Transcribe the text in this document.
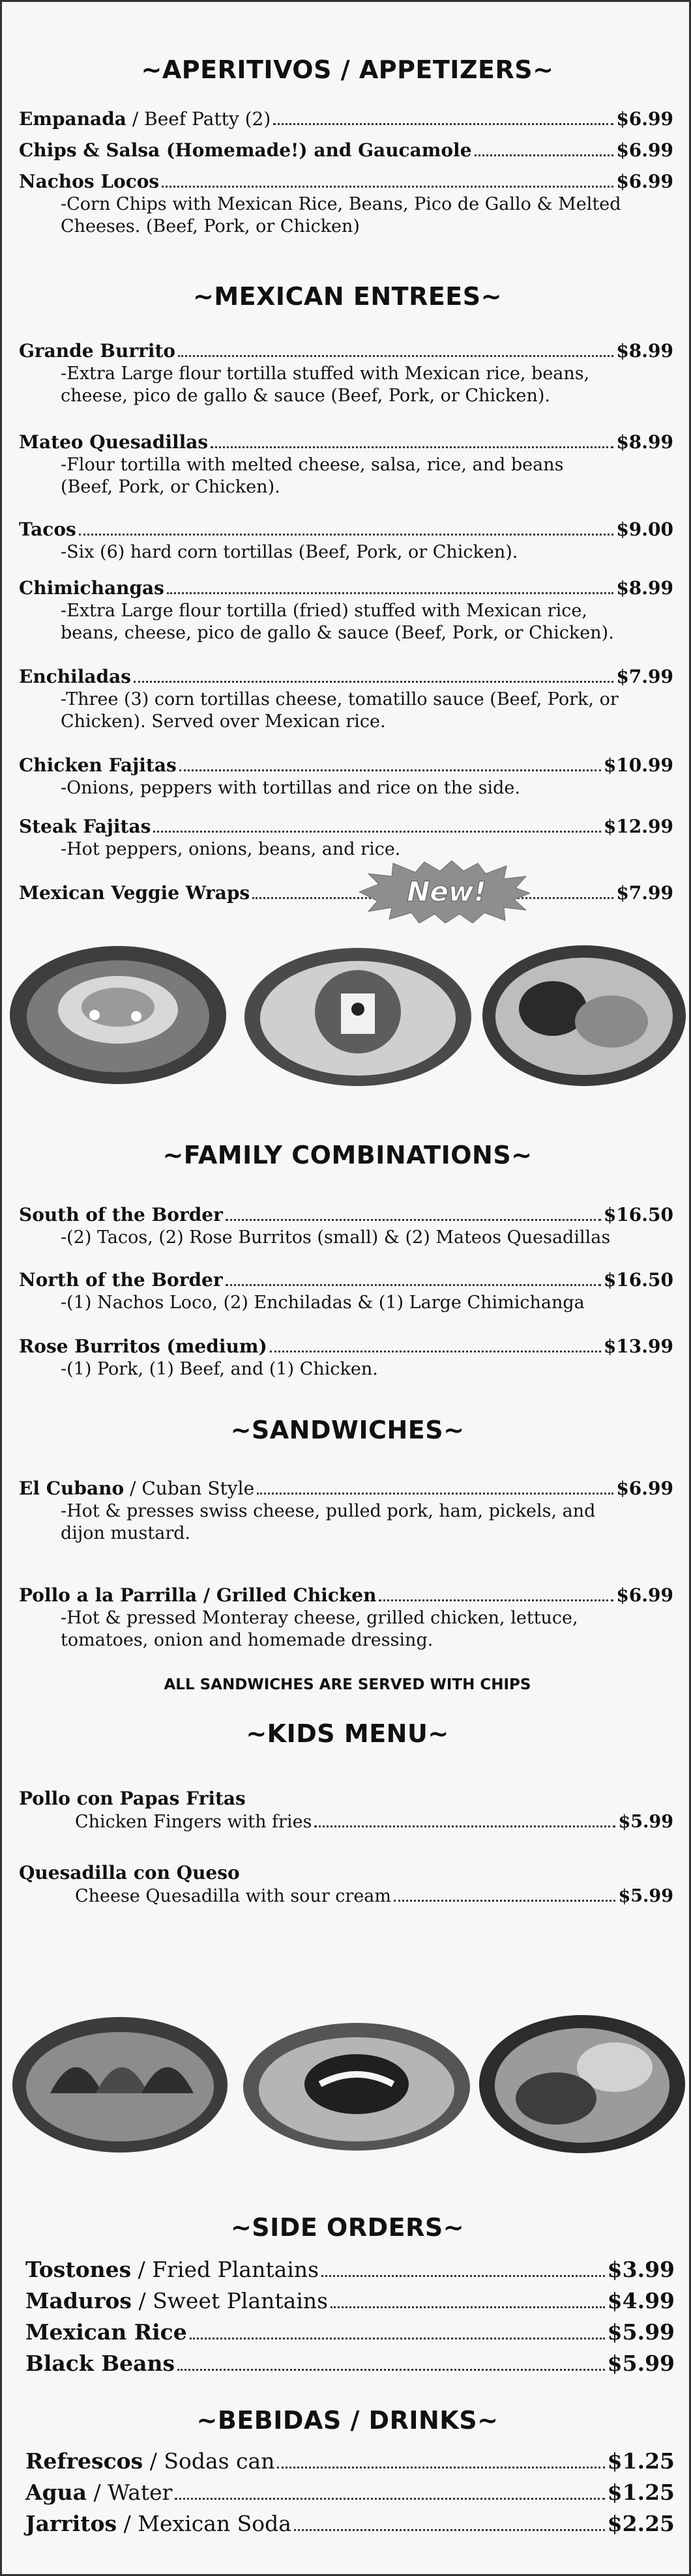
~APERITIVOS / APPETIZERS~
Empanada / Beef Patty (2)	$6.99
Chips & Salsa (Homemade!) and Gaucamole	$6.99
Nachos Locos	$6.99
-Corn Chips with Mexican Rice, Beans, Pico de Gallo & Melted Cheeses. (Beef, Pork, or Chicken)
~MEXICAN ENTREES~
Grande Burrito	$8.99
-Extra Large flour tortilla stuffed with Mexican rice, beans, cheese, pico de gallo & sauce (Beef, Pork, or Chicken).
Mateo Quesadillas	$8.99
-Flour tortilla with melted cheese, salsa, rice, and beans (Beef, Pork, or Chicken).
Tacos	$9.00
-Six (6) hard corn tortillas (Beef, Pork, or Chicken).
Chimichangas	$8.99
-Extra Large flour tortilla (fried) stuffed with Mexican rice, beans, cheese, pico de gallo & sauce (Beef, Pork, or Chicken).
Enchiladas	$7.99
-Three (3) corn tortillas cheese, tomatillo sauce (Beef, Pork, or Chicken). Served over Mexican rice.
Chicken Fajitas	$10.99
-Onions, peppers with tortillas and rice on the side.
Steak Fajitas	$12.99
-Hot peppers, onions, beans, and rice.
Mexican Veggie Wraps	$7.99
New!
~FAMILY COMBINATIONS~
South of the Border	$16.50
-(2) Tacos, (2) Rose Burritos (small) & (2) Mateos Quesadillas
North of the Border	$16.50
-(1) Nachos Loco, (2) Enchiladas & (1) Large Chimichanga
Rose Burritos (medium)	$13.99
-(1) Pork, (1) Beef, and (1) Chicken.
~SANDWICHES~
El Cubano / Cuban Style	$6.99
-Hot & presses swiss cheese, pulled pork, ham, pickels, and dijon mustard.
Pollo a la Parrilla / Grilled Chicken	$6.99
-Hot & pressed Monteray cheese, grilled chicken, lettuce, tomatoes, onion and homemade dressing.
ALL SANDWICHES ARE SERVED WITH CHIPS
~KIDS MENU~
Pollo con Papas Fritas
Chicken Fingers with fries	$5.99
Quesadilla con Queso
Cheese Quesadilla with sour cream	$5.99
~SIDE ORDERS~
Tostones / Fried Plantains	$3.99
Maduros / Sweet Plantains	$4.99
Mexican Rice	$5.99
Black Beans	$5.99
~BEBIDAS / DRINKS~
Refrescos / Sodas can	$1.25
Agua / Water	$1.25
Jarritos / Mexican Soda	$2.25
